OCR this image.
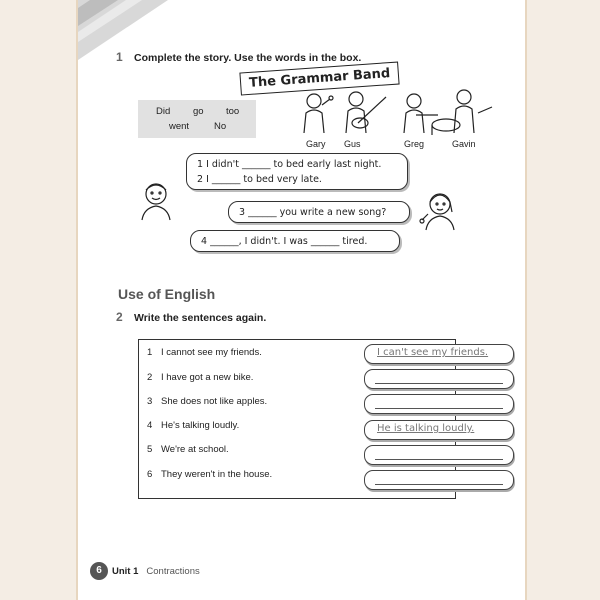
1 Complete the story. Use the words in the box.
The Grammar Band
Did go too
went	No
Gary Gus	Greg	Gavin
1 I didn't ______ to bed early last night.
2 I ______ to bed very late.
3 ______ you write a new song?
4 ______, I didn't. I was ______ tired.
Use of English
2 Write the sentences again.
1 I cannot see my friends.	I can't see my friends.
2 I have got a new bike.
3 She does not like apples.
4 He's talking loudly.	He is talking loudly.
5 We're at school.
6 They weren't in the house.
6 Unit 1 Contractions
